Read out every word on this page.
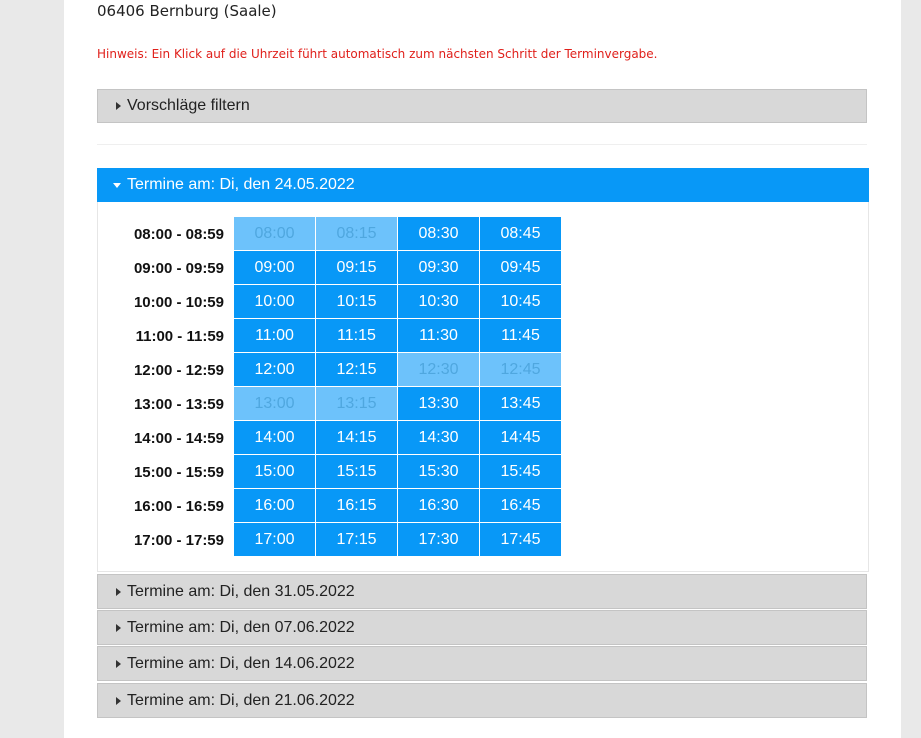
06406 Bernburg (Saale)
Hinweis: Ein Klick auf die Uhrzeit führt automatisch zum nächsten Schritt der Terminvergabe.
Vorschläge filtern
Termine am: Di, den 24.05.2022
08:00 - 08:59	08:00	08:15	08:30	08:45
09:00 - 09:59	09:00	09:15	09:30	09:45
10:00 - 10:59	10:00	10:15	10:30	10:45
11:00 - 11:59	11:00	11:15	11:30	11:45
12:00 - 12:59	12:00	12:15	12:30	12:45
13:00 - 13:59	13:00	13:15	13:30	13:45
14:00 - 14:59	14:00	14:15	14:30	14:45
15:00 - 15:59	15:00	15:15	15:30	15:45
16:00 - 16:59	16:00	16:15	16:30	16:45
17:00 - 17:59	17:00	17:15	17:30	17:45
Termine am: Di, den 31.05.2022
Termine am: Di, den 07.06.2022
Termine am: Di, den 14.06.2022
Termine am: Di, den 21.06.2022
